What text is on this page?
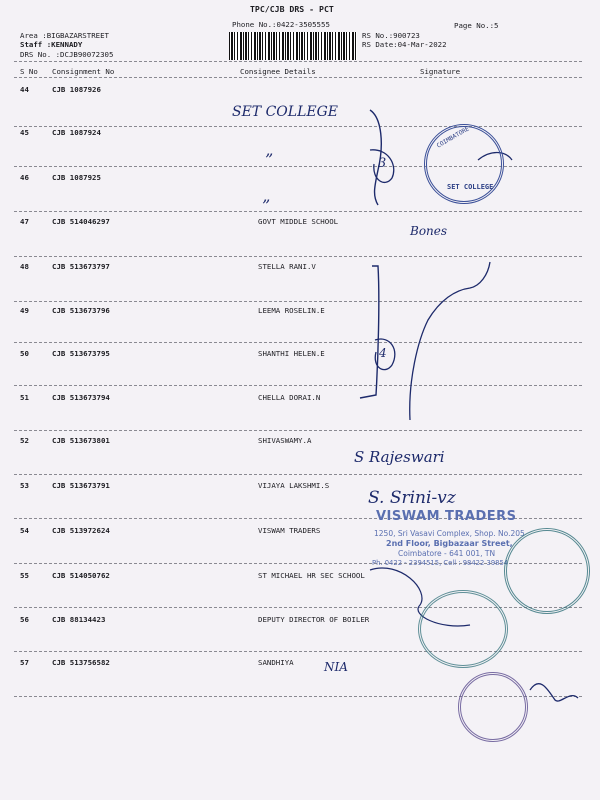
TPC/CJB DRS - PCT
Phone No.:0422-3505555	Page No.:5
Area :BIGBAZARSTREET
Staff :KENNADY
DRS No. :DCJB90072305
RS No.:900723
RS Date:04-Mar-2022
S No Consignment No	Consignee Details	Signature
44	CJB 1087926
45	CJB 1087924
46	CJB 1087925
47	CJB 514046297	GOVT MIDDLE SCHOOL
48	CJB 513673797	STELLA RANI.V
49	CJB 513673796	LEEMA ROSELIN.E
50	CJB 513673795	SHANTHI HELEN.E
51	CJB 513673794	CHELLA DORAI.N
52	CJB 513673801	SHIVASWAMY.A
53	CJB 513673791	VIJAYA LAKSHMI.S
54	CJB 513972624	VISWAM TRADERS
55	CJB 514050762	ST MICHAEL HR SEC SCHOOL
56	CJB 88134423	DEPUTY DIRECTOR OF BOILER
57	CJB 513756582	SANDHIYA
SET COLLEGE
”
”
3
Bones
4
S Rajeswari
S. Srini-vz
NIA
COIMBATORE
SET COLLEGE
VISWAM TRADERS
1250, Sri Vasavi Complex, Shop. No.205
2nd Floor, Bigbazaar Street,
Coimbatore - 641 001, TN
Ph. 0422 - 2394515, Cell : 98422 39854
